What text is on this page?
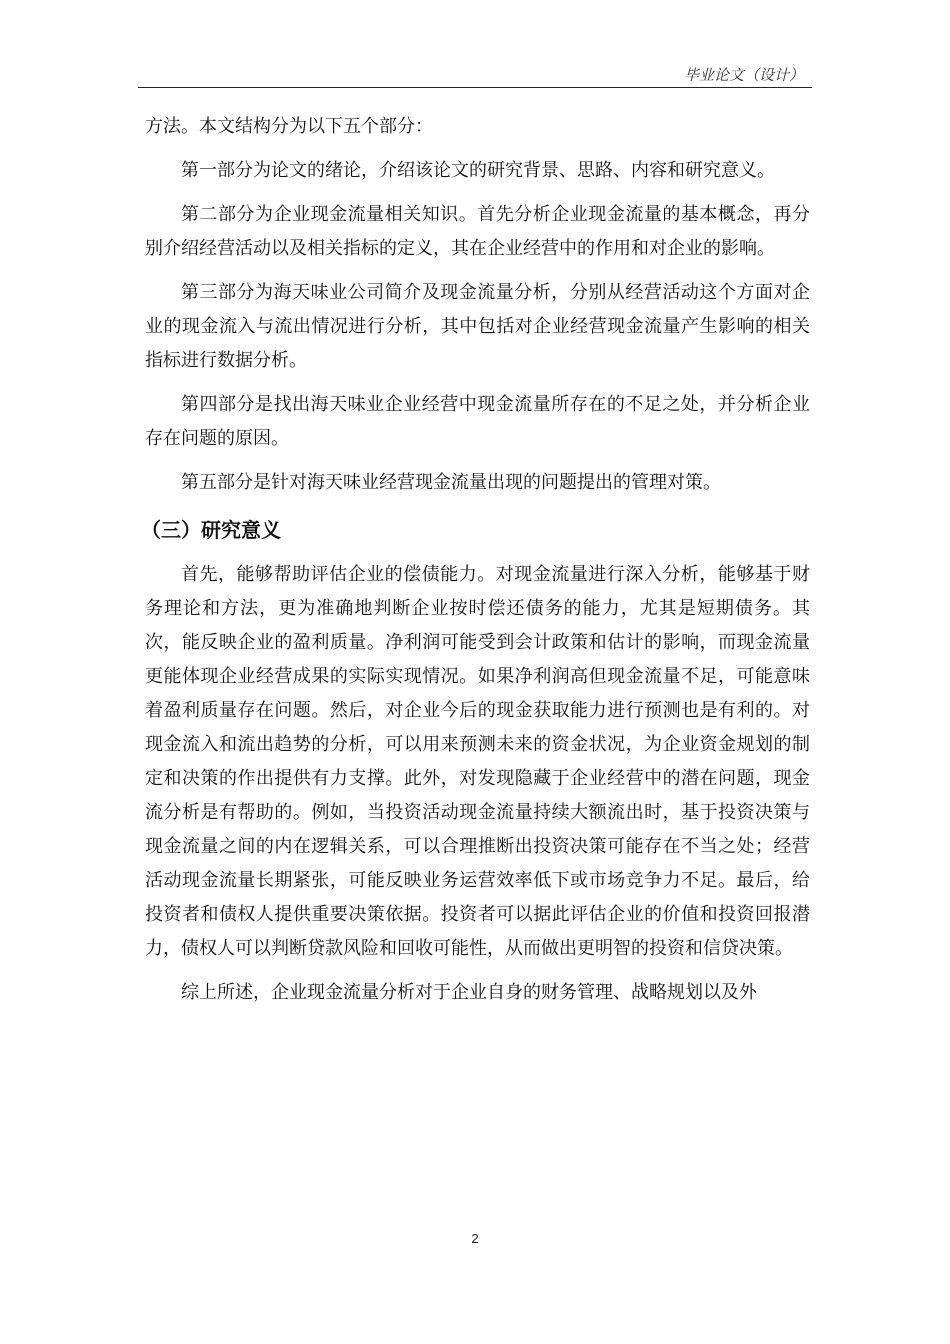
毕业论文（设计）

方法。本文结构分为以下五个部分：

第一部分为论文的绪论，介绍该论文的研究背景、思路、内容和研究意义。

第二部分为企业现金流量相关知识。首先分析企业现金流量的基本概念，再分别介绍经营活动以及相关指标的定义，其在企业经营中的作用和对企业的影响。

第三部分为海天味业公司简介及现金流量分析，分别从经营活动这个方面对企业的现金流入与流出情况进行分析，其中包括对企业经营现金流量产生影响的相关指标进行数据分析。

第四部分是找出海天味业企业经营中现金流量所存在的不足之处，并分析企业存在问题的原因。

第五部分是针对海天味业经营现金流量出现的问题提出的管理对策。

（三）研究意义

首先，能够帮助评估企业的偿债能力。对现金流量进行深入分析，能够基于财务理论和方法，更为准确地判断企业按时偿还债务的能力，尤其是短期债务。其次，能反映企业的盈利质量。净利润可能受到会计政策和估计的影响，而现金流量更能体现企业经营成果的实际实现情况。如果净利润高但现金流量不足，可能意味着盈利质量存在问题。然后，对企业今后的现金获取能力进行预测也是有利的。对现金流入和流出趋势的分析，可以用来预测未来的资金状况，为企业资金规划的制定和决策的作出提供有力支撑。此外，对发现隐藏于企业经营中的潜在问题，现金流分析是有帮助的。例如，当投资活动现金流量持续大额流出时，基于投资决策与现金流量之间的内在逻辑关系，可以合理推断出投资决策可能存在不当之处；经营活动现金流量长期紧张，可能反映业务运营效率低下或市场竞争力不足。最后，给投资者和债权人提供重要决策依据。投资者可以据此评估企业的价值和投资回报潜力，债权人可以判断贷款风险和回收可能性，从而做出更明智的投资和信贷决策。

综上所述，企业现金流量分析对于企业自身的财务管理、战略规划以及外

2
